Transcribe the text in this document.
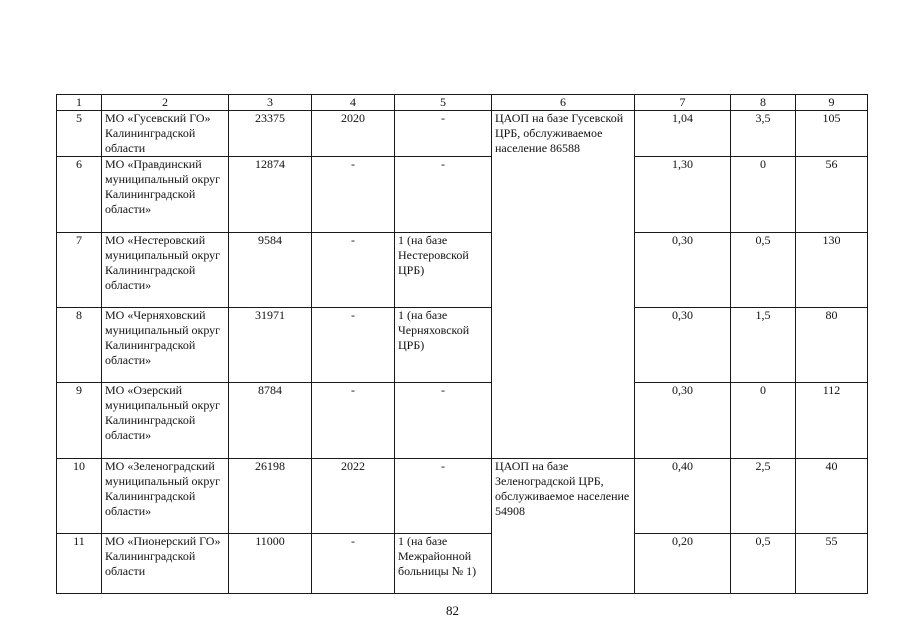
1	2	3	4	5	6	7	8	9
5	МО «Гусевский ГО» Калининградской области	23375	2020	-	ЦАОП на базе Гусевской ЦРБ, обслуживаемое население 86588	1,04	3,5	105
6	МО «Правдинский муниципальный округ Калининградской области»	12874	-	-		1,30	0	56
7	МО «Нестеровский муниципальный округ Калининградской области»	9584	-	1 (на базе Нестеровской ЦРБ)		0,30	0,5	130
8	МО «Черняховский муниципальный округ Калининградской области»	31971	-	1 (на базе Черняховской ЦРБ)		0,30	1,5	80
9	МО «Озерский муниципальный округ Калининградской области»	8784	-	-		0,30	0	112
10	МО «Зеленоградский муниципальный округ Калининградской области»	26198	2022	-	ЦАОП на базе Зеленоградской ЦРБ, обслуживаемое население 54908	0,40	2,5	40
11	МО «Пионерский ГО» Калининградской области	11000	-	1 (на базе Межрайонной больницы № 1)		0,20	0,5	55
82
